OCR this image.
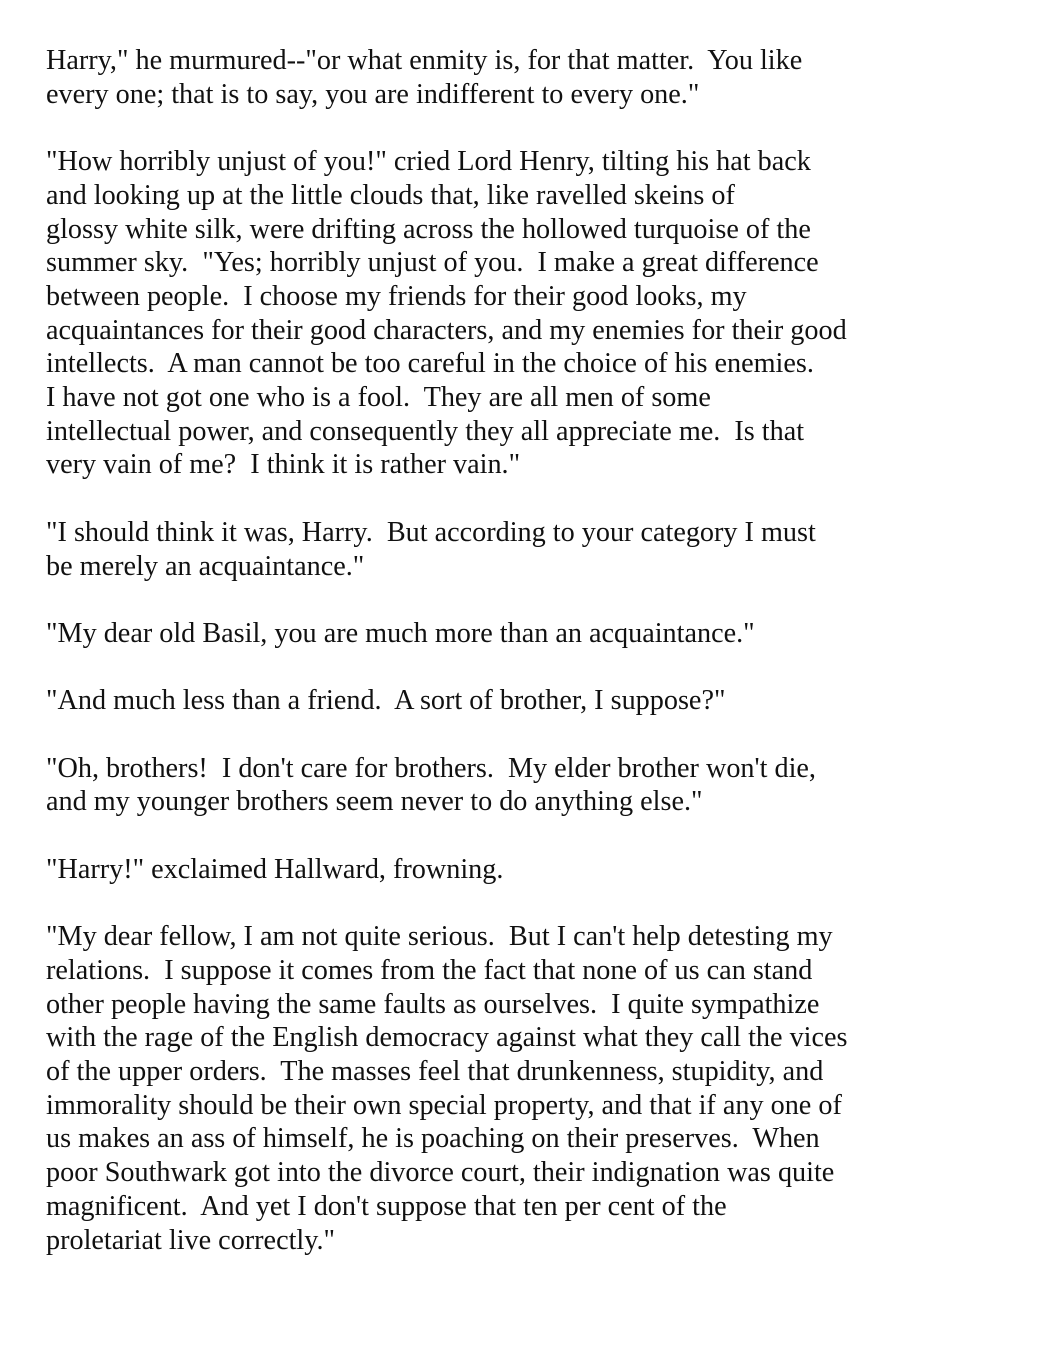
Harry," he murmured--"or what enmity is, for that matter.  You like
every one; that is to say, you are indifferent to every one."

"How horribly unjust of you!" cried Lord Henry, tilting his hat back
and looking up at the little clouds that, like ravelled skeins of
glossy white silk, were drifting across the hollowed turquoise of the
summer sky.  "Yes; horribly unjust of you.  I make a great difference
between people.  I choose my friends for their good looks, my
acquaintances for their good characters, and my enemies for their good
intellects.  A man cannot be too careful in the choice of his enemies.
I have not got one who is a fool.  They are all men of some
intellectual power, and consequently they all appreciate me.  Is that
very vain of me?  I think it is rather vain."

"I should think it was, Harry.  But according to your category I must
be merely an acquaintance."

"My dear old Basil, you are much more than an acquaintance."

"And much less than a friend.  A sort of brother, I suppose?"

"Oh, brothers!  I don't care for brothers.  My elder brother won't die,
and my younger brothers seem never to do anything else."

"Harry!" exclaimed Hallward, frowning.

"My dear fellow, I am not quite serious.  But I can't help detesting my
relations.  I suppose it comes from the fact that none of us can stand
other people having the same faults as ourselves.  I quite sympathize
with the rage of the English democracy against what they call the vices
of the upper orders.  The masses feel that drunkenness, stupidity, and
immorality should be their own special property, and that if any one of
us makes an ass of himself, he is poaching on their preserves.  When
poor Southwark got into the divorce court, their indignation was quite
magnificent.  And yet I don't suppose that ten per cent of the
proletariat live correctly."
